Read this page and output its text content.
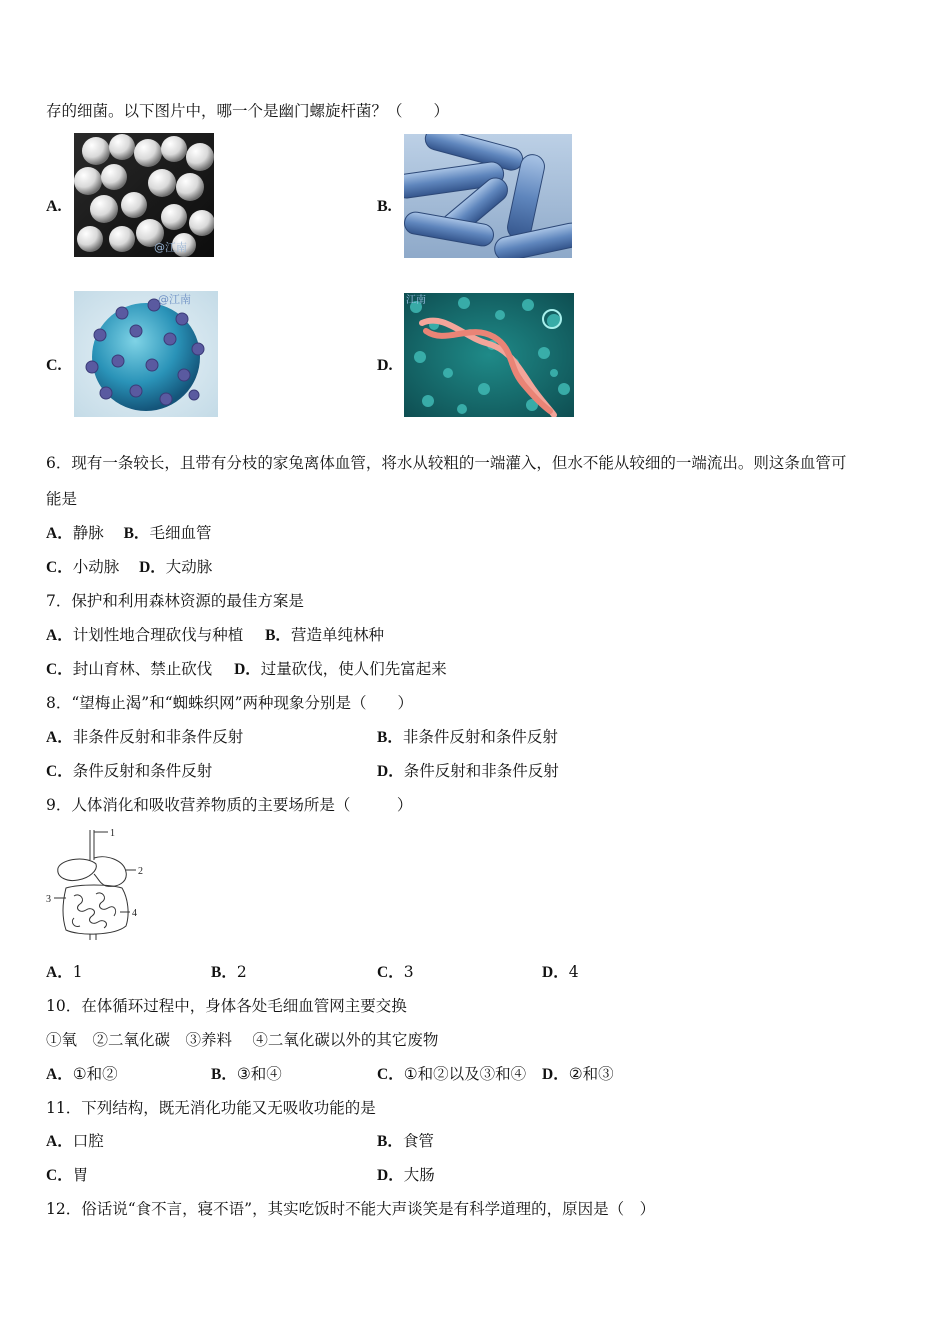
存的细菌。以下图片中，哪一个是幽门螺旋杆菌？（　　）
A.
@江南
B.
C.
@江南
D.
江南
6．现有一条较长，且带有分枝的家兔离体血管，将水从较粗的一端灌入，但水不能从较细的一端流出。则这条血管可
能是
A．静脉 B．毛细血管
C．小动脉 D．大动脉
7．保护和利用森林资源的最佳方案是
A．计划性地合理砍伐与种植 B．营造单纯林种
C．封山育林、禁止砍伐 D．过量砍伐，使人们先富起来
8．“望梅止渴”和“蜘蛛织网”两种现象分别是（　　）
A．非条件反射和非条件反射	B．非条件反射和条件反射
C．条件反射和条件反射	D．条件反射和非条件反射
9．人体消化和吸收营养物质的主要场所是（　　　）
1
2
3
4
A．1	B．2	C．3	D．4
10．在体循环过程中，身体各处毛细血管网主要交换
①氧　②二氧化碳　③养料　 ④二氧化碳以外的其它废物
A．①和②	B．③和④	C．①和②以及③和④ D．②和③
11．下列结构，既无消化功能又无吸收功能的是
A．口腔	B．食管
C．胃	D．大肠
12．俗话说“食不言，寝不语”，其实吃饭时不能大声谈笑是有科学道理的，原因是（　）
